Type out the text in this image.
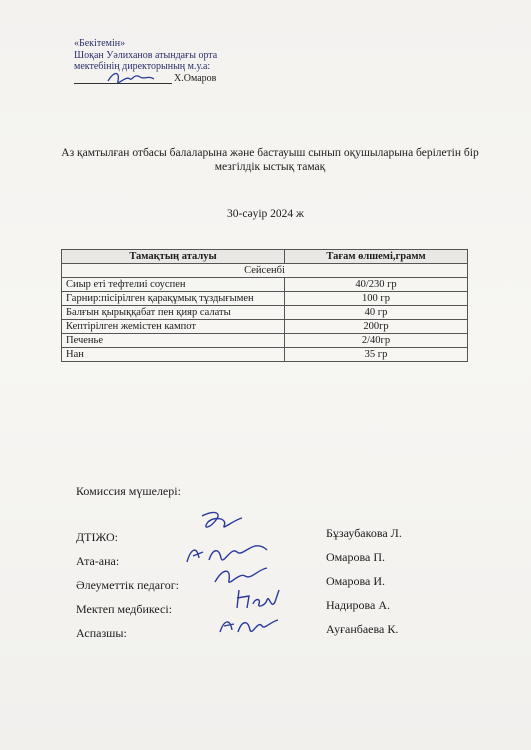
«Бекітемін»
Шоқан Уәлиханов атындағы орта
мектебінің директорының м.у.а:
Х.Омаров
Аз қамтылған отбасы балаларына және бастауыш сынып оқушыларына берілетін бір мезгілдік ыстық тамақ
30-сәуір 2024 ж
Тамақтың аталуы	Тағам өлшемі,грамм
Сейсенбі	
Сиыр еті тефтелиі соуспен	40/230 гр
Гарнир:пісірілген қарақұмық тұздығымен	100 гр
Балғын қырыққабат пен қияр салаты	40 гр
Кептірілген жемістен кампот	200гр
Печенье	2/40гр
Нан	35 гр
Комиссия мүшелері:
ДТІЖО:	Бұзаубакова Л.
Ата-ана:	Омарова П.
Әлеуметтік педагог:	Омарова И.
Мектеп медбикесі:	Надирова А.
Аспазшы:	Ауғанбаева К.
